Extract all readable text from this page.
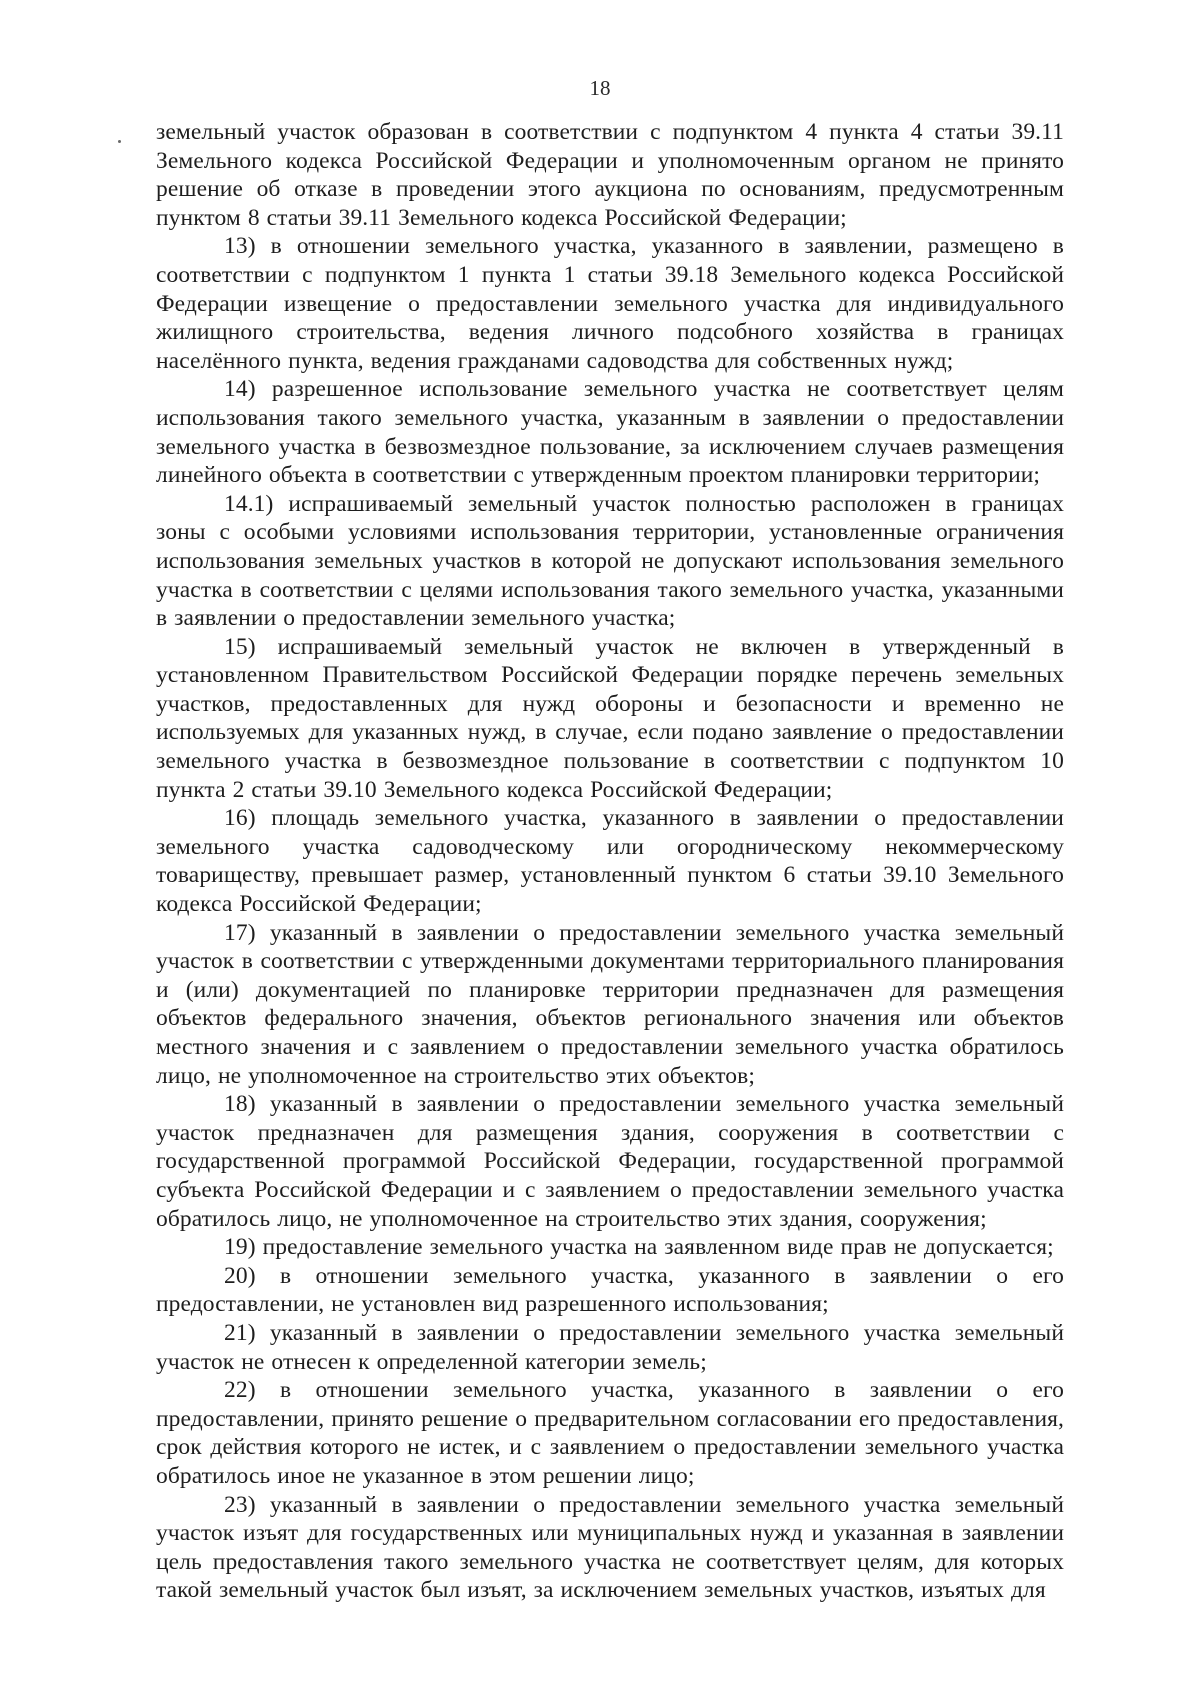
18

земельный участок образован в соответствии с подпунктом 4 пункта 4 статьи 39.11 Земельного кодекса Российской Федерации и уполномоченным органом не принято решение об отказе в проведении этого аукциона по основаниям, предусмотренным пунктом 8 статьи 39.11 Земельного кодекса Российской Федерации;

13) в отношении земельного участка, указанного в заявлении, размещено в соответствии с подпунктом 1 пункта 1 статьи 39.18 Земельного кодекса Российской Федерации извещение о предоставлении земельного участка для индивидуального жилищного строительства, ведения личного подсобного хозяйства в границах населённого пункта, ведения гражданами садоводства для собственных нужд;

14) разрешенное использование земельного участка не соответствует целям использования такого земельного участка, указанным в заявлении о предоставлении земельного участка в безвозмездное пользование, за исключением случаев размещения линейного объекта в соответствии с утвержденным проектом планировки территории;

14.1) испрашиваемый земельный участок полностью расположен в границах зоны с особыми условиями использования территории, установленные ограничения использования земельных участков в которой не допускают использования земельного участка в соответствии с целями использования такого земельного участка, указанными в заявлении о предоставлении земельного участка;

15) испрашиваемый земельный участок не включен в утвержденный в установленном Правительством Российской Федерации порядке перечень земельных участков, предоставленных для нужд обороны и безопасности и временно не используемых для указанных нужд, в случае, если подано заявление о предоставлении земельного участка в безвозмездное пользование в соответствии с подпунктом 10 пункта 2 статьи 39.10 Земельного кодекса Российской Федерации;

16) площадь земельного участка, указанного в заявлении о предоставлении земельного участка садоводческому или огородническому некоммерческому товариществу, превышает размер, установленный пунктом 6 статьи 39.10 Земельного кодекса Российской Федерации;

17) указанный в заявлении о предоставлении земельного участка земельный участок в соответствии с утвержденными документами территориального планирования и (или) документацией по планировке территории предназначен для размещения объектов федерального значения, объектов регионального значения или объектов местного значения и с заявлением о предоставлении земельного участка обратилось лицо, не уполномоченное на строительство этих объектов;

18) указанный в заявлении о предоставлении земельного участка земельный участок предназначен для размещения здания, сооружения в соответствии с государственной программой Российской Федерации, государственной программой субъекта Российской Федерации и с заявлением о предоставлении земельного участка обратилось лицо, не уполномоченное на строительство этих здания, сооружения;

19) предоставление земельного участка на заявленном виде прав не допускается;

20) в отношении земельного участка, указанного в заявлении о его предоставлении, не установлен вид разрешенного использования;

21) указанный в заявлении о предоставлении земельного участка земельный участок не отнесен к определенной категории земель;

22) в отношении земельного участка, указанного в заявлении о его предоставлении, принято решение о предварительном согласовании его предоставления, срок действия которого не истек, и с заявлением о предоставлении земельного участка обратилось иное не указанное в этом решении лицо;

23) указанный в заявлении о предоставлении земельного участка земельный участок изъят для государственных или муниципальных нужд и указанная в заявлении цель предоставления такого земельного участка не соответствует целям, для которых такой земельный участок был изъят, за исключением земельных участков, изъятых для
